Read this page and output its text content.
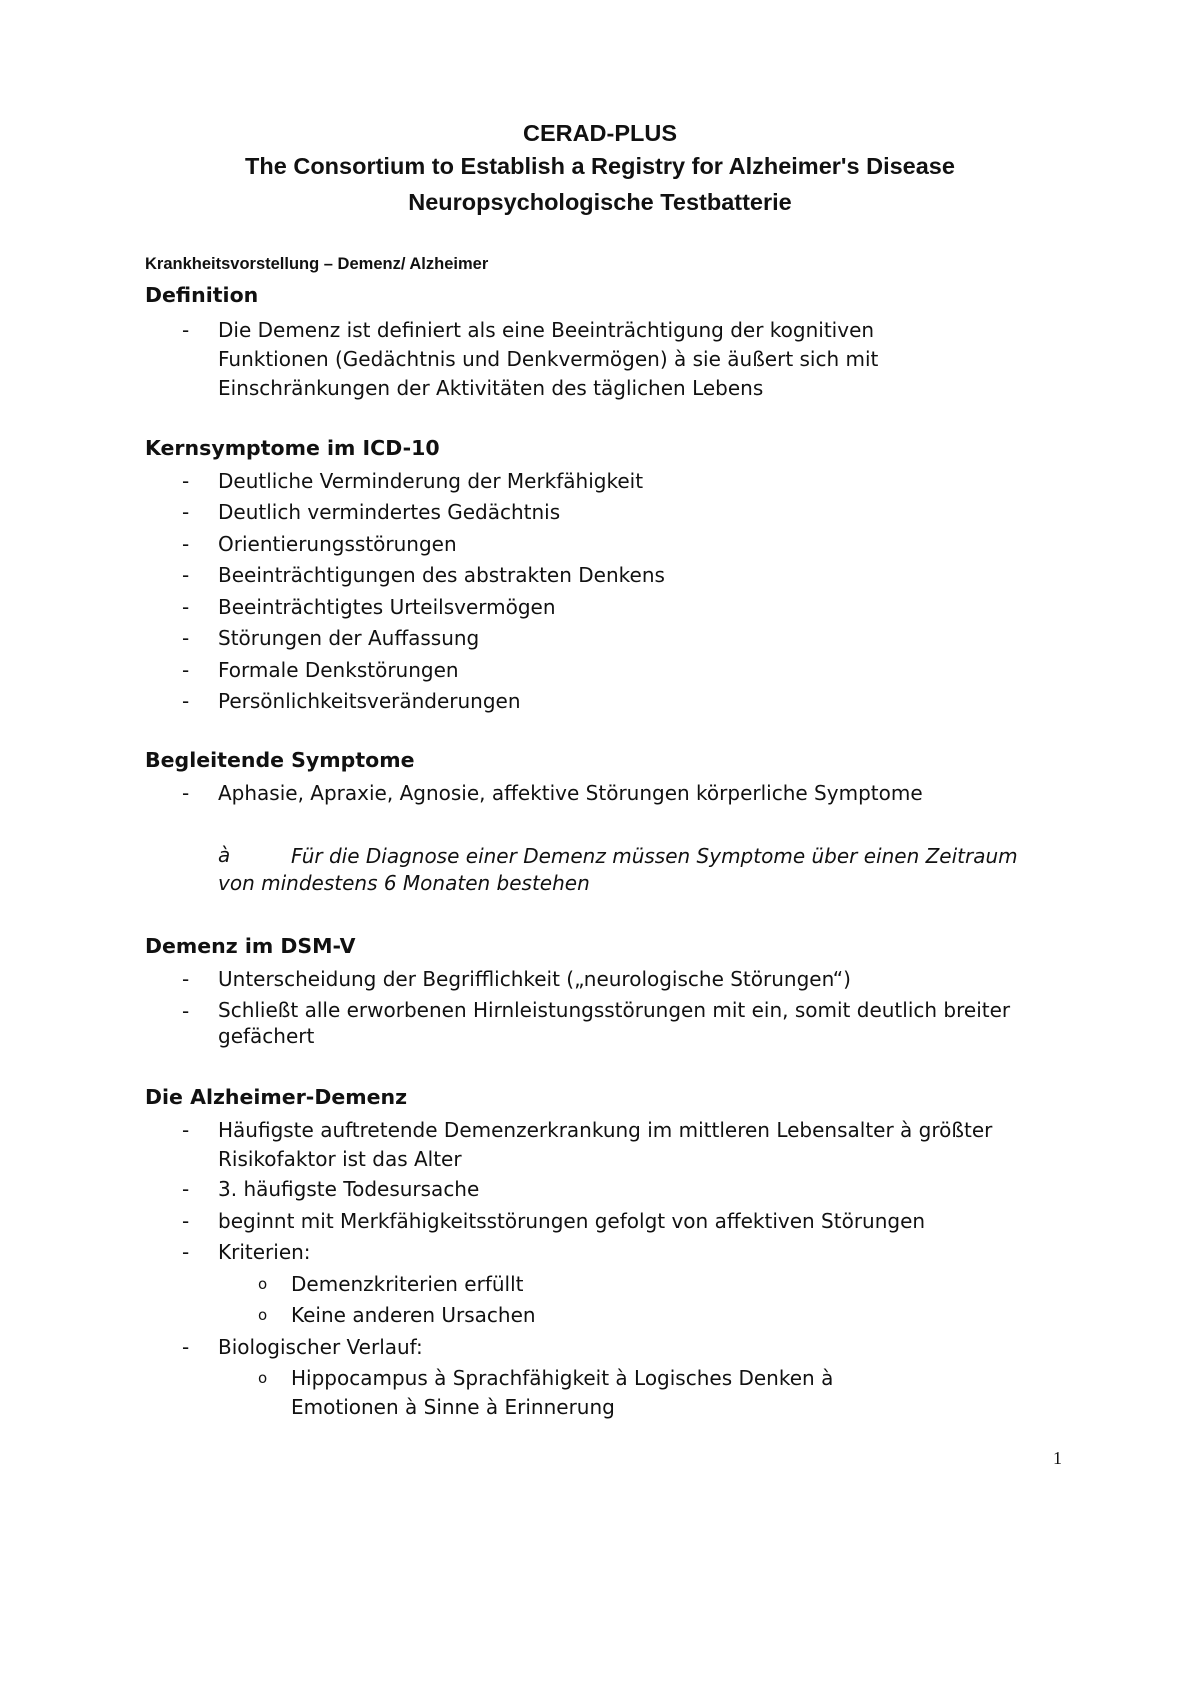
CERAD-PLUS
The Consortium to Establish a Registry for Alzheimer's Disease
Neuropsychologische Testbatterie
Krankheitsvorstellung – Demenz/ Alzheimer
Definition
- Die Demenz ist definiert als eine Beeinträchtigung der kognitiven Funktionen (Gedächtnis und Denkvermögen) à sie äußert sich mit Einschränkungen der Aktivitäten des täglichen Lebens
Kernsymptome im ICD-10
- Deutliche Verminderung der Merkfähigkeit
- Deutlich vermindertes Gedächtnis
- Orientierungsstörungen
- Beeinträchtigungen des abstrakten Denkens
- Beeinträchtigtes Urteilsvermögen
- Störungen der Auffassung
- Formale Denkstörungen
- Persönlichkeitsveränderungen
Begleitende Symptome
- Aphasie, Apraxie, Agnosie, affektive Störungen körperliche Symptome
à	Für die Diagnose einer Demenz müssen Symptome über einen Zeitraum von mindestens 6 Monaten bestehen
Demenz im DSM-V
- Unterscheidung der Begrifflichkeit („neurologische Störungen“)
- Schließt alle erworbenen Hirnleistungsstörungen mit ein, somit deutlich breiter gefächert
Die Alzheimer-Demenz
- Häufigste auftretende Demenzerkrankung im mittleren Lebensalter à größter Risikofaktor ist das Alter
- 3. häufigste Todesursache
- beginnt mit Merkfähigkeitsstörungen gefolgt von affektiven Störungen
- Kriterien:
o Demenzkriterien erfüllt
o Keine anderen Ursachen
- Biologischer Verlauf:
o Hippocampus à Sprachfähigkeit à Logisches Denken à Emotionen à Sinne à Erinnerung
1
